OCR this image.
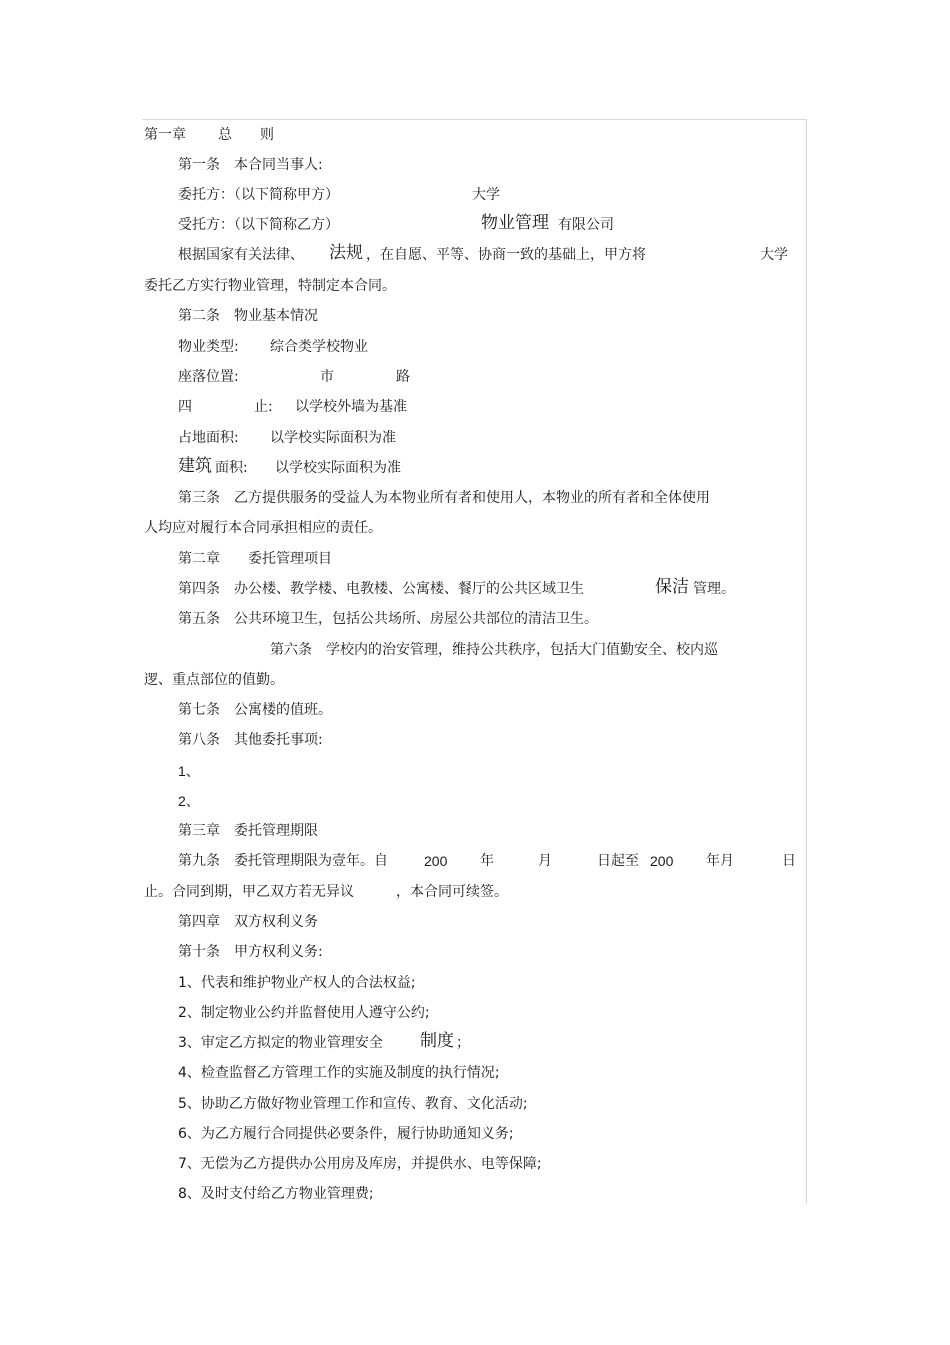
第一章 总 则
第一条　本合同当事人:
委托方：（以下简称甲方）	大学
受托方：（以下简称乙方）	物业管理 有限公司
根据国家有关法律、 法规 ，在自愿、平等、协商一致的基础上，甲方将	大学
委托乙方实行物业管理，特制定本合同。
第二条　物业基本情况
物业类型: 综合类学校物业
座落位置:	市	路
四	止: 以学校外墙为基准
占地面积: 以学校实际面积为准
建筑 面积: 以学校实际面积为准
第三条　乙方提供服务的受益人为本物业所有者和使用人，本物业的所有者和全体使用
人均应对履行本合同承担相应的责任。
第二章　　委托管理项目
第四条　办公楼、教学楼、电教楼、公寓楼、餐厅的公共区域卫生	保洁 管理。
第五条　公共环境卫生，包括公共场所、房屋公共部位的清洁卫生。
第六条　学校内的治安管理，维持公共秩序，包括大门值勤安全、校内巡
逻、重点部位的值勤。
第七条　公寓楼的值班。
第八条　其他委托事项:
1、
2、
第三章　委托管理期限
第九条　委托管理期限为壹年。自	200 年	月	日起至 200 年月	日
止。合同到期，甲乙双方若无异议	，本合同可续签。
第四章　双方权利义务
第十条　甲方权利义务:
1、代表和维护物业产权人的合法权益;
2、制定物业公约并监督使用人遵守公约;
3、审定乙方拟定的物业管理安全 制度 ；
4、检查监督乙方管理工作的实施及制度的执行情况;
5、协助乙方做好物业管理工作和宣传、教育、文化活动;
6、为乙方履行合同提供必要条件，履行协助通知义务;
7、无偿为乙方提供办公用房及库房，并提供水、电等保障;
8、及时支付给乙方物业管理费;
